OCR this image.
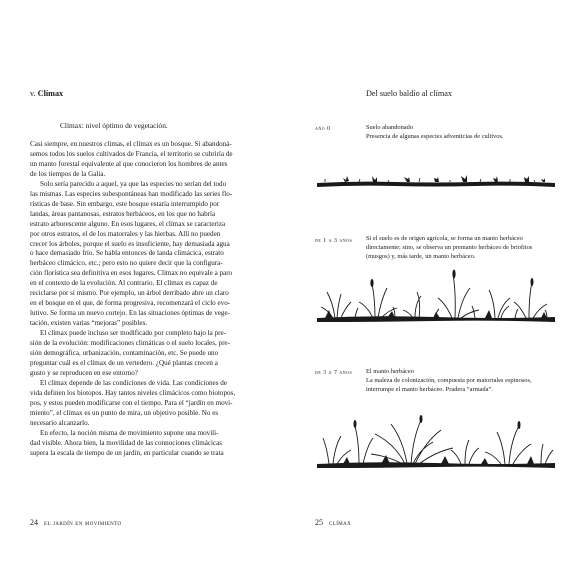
v. Clímax
Clímax: nivel óptimo de vegetación.

Casi siempre, en nuestros climas, el clímax es un bosque. Si abandoná-

semos todos los suelos cultivados de Francia, el territorio se cubriría de

un manto forestal equivalente al que conocieron los hombres de antes

de los tiempos de la Galia.

Solo sería parecido a aquel, ya que las especies no serían del todo

las mismas. Las especies subespontáneas han modificado las series flo-

rísticas de base. Sin embargo, este bosque estaría interrumpido por

landas, áreas pantanosas, estratos herbáceos, en los que no habría

estrato arborescente alguno. En esos lugares, el clímax se caracteriza

por otros estratos, el de los matorrales y las hierbas. Allí no pueden

crecer los árboles, porque el suelo es insuficiente, hay demasiada agua

o hace demasiado frío. Se habla entonces de landa climácica, estrato

herbáceo climácico, etc.; pero esto no quiere decir que la configura-

ción florística sea definitiva en esos lugares. Clímax no equivale a paro

en el contexto de la evolución. Al contrario. El clímax es capaz de

reciclarse por sí mismo. Por ejemplo, un árbol derribado abre un claro

en el bosque en el que, de forma progresiva, recomenzará el ciclo evo-

lutivo. Se forma un nuevo cortejo. En las situaciones óptimas de vege-

tación, existen varias “mejoras” posibles.

El clímax puede incluso ser modificado por completo bajo la pre-

sión de la evolución: modificaciones climáticas o el suelo locales, pre-

sión demográfica, urbanización, contaminación, etc. Se puede uno

preguntar cuál es el clímax de un vertedero. ¿Qué plantas crecen a

gusto y se reproducen en ese entorno?

El clímax depende de las condiciones de vida. Las condiciones de

vida definen los biotopos. Hay tantos niveles climácicos como biotopos,

pos, y estos pueden modificarse con el tiempo. Para el “jardín en movi-

miento”, el clímax es un punto de mira, un objetivo posible. No es

necesario alcanzarlo.

En efecto, la noción misma de movimiento supone una movili-

dad visible. Ahora bien, la movilidad de las connociones climácicas

supera la escala de tiempo de un jardín, en particular cuando se trata

24 el jardín en movimiento
Del suelo baldío al clímax
año 0	Suelo abandonado
Presencia de algunas especies adventicias de cultivos.
de 1 a 3 años Si el suelo es de origen agrícola, se forma un manto herbáceo directamente; sino, se observa un premanto herbáceo de briofitos (musgos) y, más tarde, un manto herbáceo.
de 3 a 7 años El manto herbáceo
La maleza de colonización, compuesta por matorrales espinosos, interrumpe el manto herbáceo. Pradera “armada”.
25 clímax
